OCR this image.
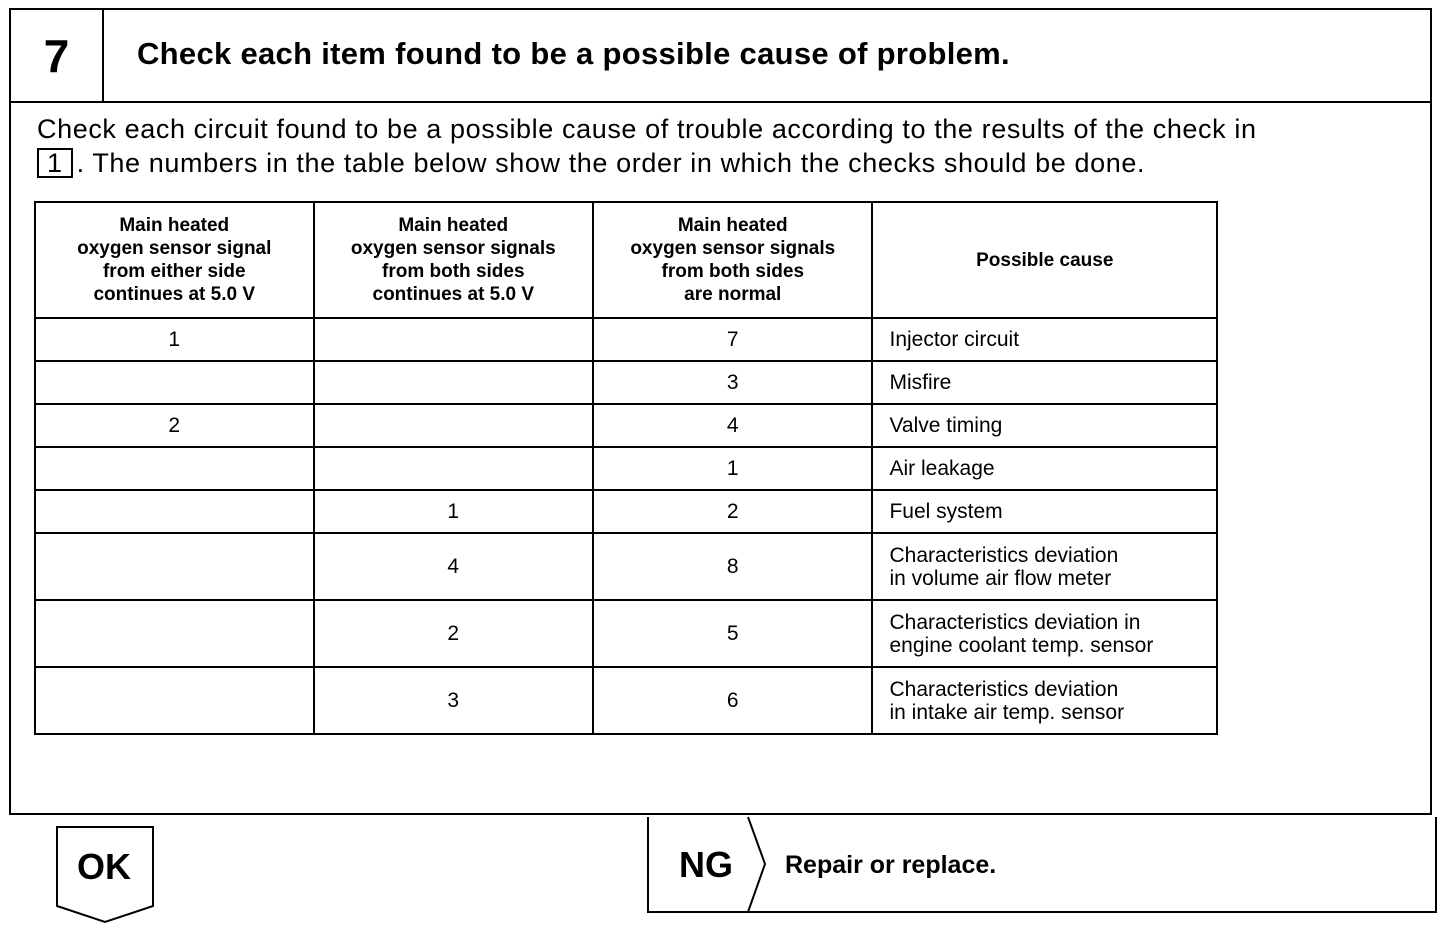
7	Check each item found to be a possible cause of problem.
Check each circuit found to be a possible cause of trouble according to the results of the check in
1 . The numbers in the table below show the order in which the checks should be done.
Main heated
oxygen sensor signal
from either side
continues at 5.0 V	Main heated
oxygen sensor signals
from both sides
continues at 5.0 V	Main heated
oxygen sensor signals
from both sides
are normal	Possible cause
1		7	Injector circuit
		3	Misfire
2		4	Valve timing
		1	Air leakage
	1	2	Fuel system
	4	8	Characteristics deviation
in volume air flow meter
	2	5	Characteristics deviation in
engine coolant temp. sensor
	3	6	Characteristics deviation
in intake air temp. sensor
OK	NG	Repair or replace.
